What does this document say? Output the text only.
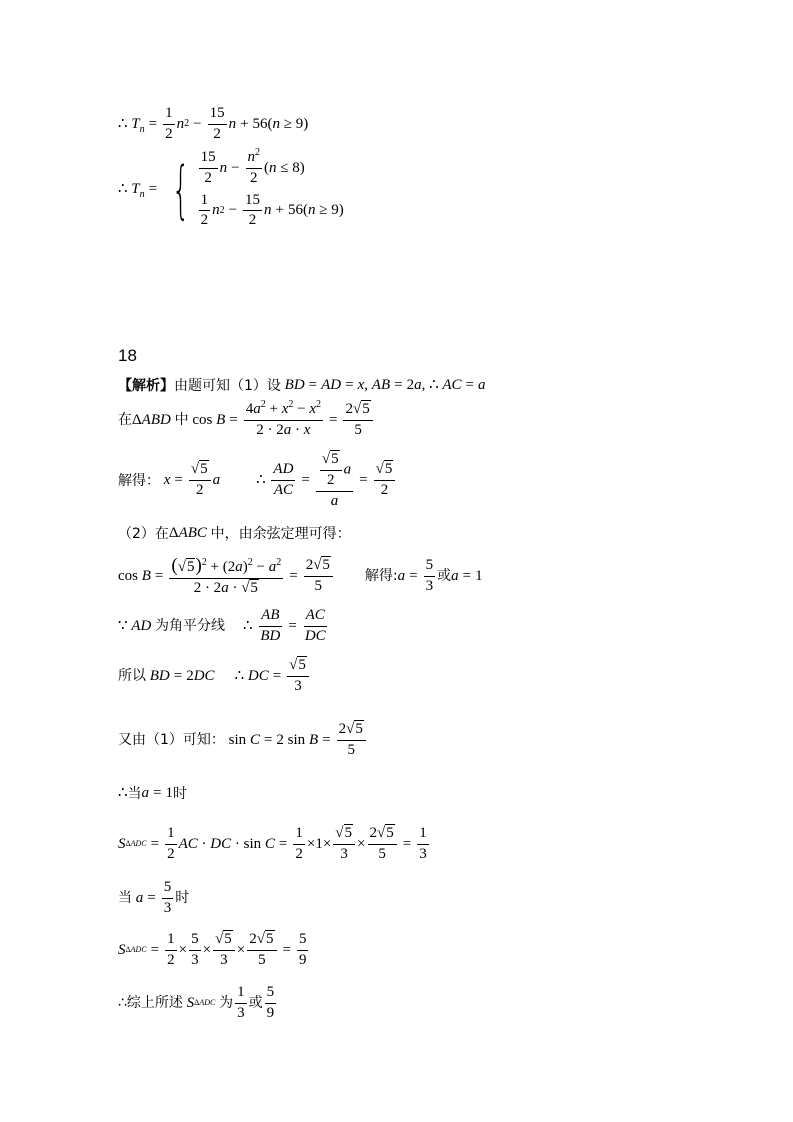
∴ $T_n = \frac{1}{2}$ n $2 - \frac{15}{2}$ n + 56( n ≥ 9)
∴ $T_n$ = { $\frac{15}{2}$ $n - \frac{n^2}{2}$ ( n ≤ 8)
$\frac{1}{2}$ n $2 - \frac{15}{2}$ n + 56( n ≥ 9)
18
【解析】 由题可知（1）设
BD = AD = x , AB = 2 a , ∴ AC = a
在 Δ ABD
中 $\cos B = \frac{4a^2 + x^2 - x^2}{2 \cdot 2a \cdot x} = \frac{2√5}{5}$
解得：
$x = \frac{√5}{2}$ a ∴ $\frac{AD}{AC} = \frac{\frac{√5}{2} a}{a} = \frac{√5}{2}$
（2）在 Δ ABC
中，由余弦定理可得：
$\cos B = \frac{(√5)^2 + (2a)^2 - a^2}{2 \cdot 2a \cdot √5} = \frac{2√5}{5}$ 解得: $a = \frac{5}{3}$ 或 a = 1
∵ AD
为角平分线 ∴ $\frac{AB}{BD} = \frac{AC}{DC}$
所以
BD = 2 DC ∴ DC = $\frac{√5}{3}$
又由（1）可知： sin C = 2 $\sin B = \frac{2√5}{5}$
∴ 当 a = 1 时
S $\Delta ADC = \frac{1}{2}$ AC · DC · $\sin C = \frac{1}{2} \times 1\times \frac{√5}{3} \times \frac{2√5}{5} = \frac{1}{3}$
当
$a = \frac{5}{3}$ 时
S $\Delta ADC = \frac{1}{2} \times \frac{5}{3} \times \frac{√5}{3} \times \frac{2√5}{5} = \frac{5}{9}$
∴综上所述
S ΔADC
为 $\frac{1}{3}$ 或 $\frac{5}{9}$
